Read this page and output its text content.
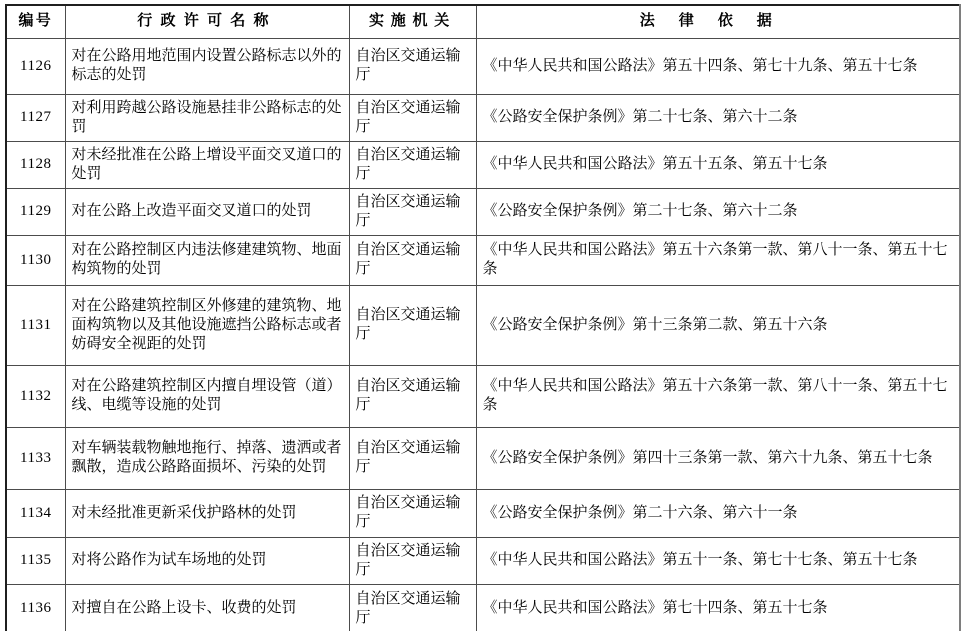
编号	行政许可名称	实施机关	法律依据
1126	对在公路用地范围内设置公路标志以外的标志的处罚	自治区交通运输厅	《中华人民共和国公路法》第五十四条、第七十九条、第五十七条
1127	对利用跨越公路设施悬挂非公路标志的处罚	自治区交通运输厅	《公路安全保护条例》第二十七条、第六十二条
1128	对未经批准在公路上增设平面交叉道口的处罚	自治区交通运输厅	《中华人民共和国公路法》第五十五条、第五十七条
1129	对在公路上改造平面交叉道口的处罚	自治区交通运输厅	《公路安全保护条例》第二十七条、第六十二条
1130	对在公路控制区内违法修建建筑物、地面构筑物的处罚	自治区交通运输厅	《中华人民共和国公路法》第五十六条第一款、第八十一条、第五十七条
1131	对在公路建筑控制区外修建的建筑物、地面构筑物以及其他设施遮挡公路标志或者妨碍安全视距的处罚	自治区交通运输厅	《公路安全保护条例》第十三条第二款、第五十六条
1132	对在公路建筑控制区内擅自埋设管（道）线、电缆等设施的处罚	自治区交通运输厅	《中华人民共和国公路法》第五十六条第一款、第八十一条、第五十七条
1133	对车辆装载物触地拖行、掉落、遗洒或者飘散，造成公路路面损坏、污染的处罚	自治区交通运输厅	《公路安全保护条例》第四十三条第一款、第六十九条、第五十七条
1134	对未经批准更新采伐护路林的处罚	自治区交通运输厅	《公路安全保护条例》第二十六条、第六十一条
1135	对将公路作为试车场地的处罚	自治区交通运输厅	《中华人民共和国公路法》第五十一条、第七十七条、第五十七条
1136	对擅自在公路上设卡、收费的处罚	自治区交通运输厅	《中华人民共和国公路法》第七十四条、第五十七条
